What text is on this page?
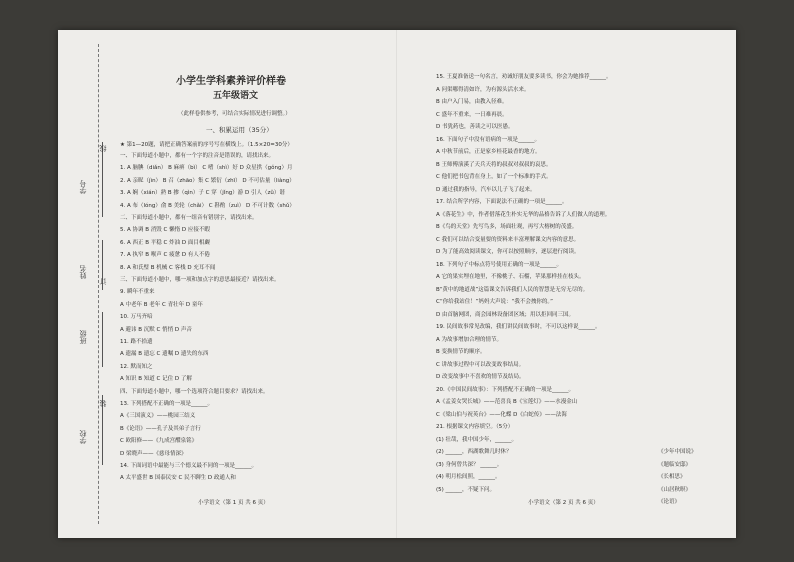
学号
姓名
班级
学校
线
订
装
小学生学科素养评价样卷
五年级语文
（此样卷供参考，可结合实际情况进行调整。）
一、积累运用（35分）
★ 第1—20题，请把正确答案前的序号写在横线上。（1.5×20=30分）
一、下面每道小题中，都有一个字的注音是错误的，请找出来。
1. A 脑腆（diǎn） B 麻痹（bì） C 嗜（shì）好 D 众星拱（gǒng）月
2. A 亲昵（jìn） B 召（zhāo）集 C 繁衍（zhī） D 不可估量（liàng）
3. A 娴（xián）熟 B 掺（qìn）子 C 穿（jǐng）游 D 引人（zǔ）谐
4. A 布（lóng）俞 B 美轮（chǎi） C 斟酌（zuì） D 不可计数（shǔ）
二、下面每道小题中，都有一组音有错别字，请找出来。
5. A 协调 B 消毁 C 懒惰 D 应接不暇
6. A 西正 B 平稳 C 炸油 D 面目相觑
7. A 执窄 B 喉声 C 疲惫 D 有人不倦
8. A 和氏璧 B 机械 C 客栈 D 充耳不闻
三、下面每道小题中，哪一项和加点字的意思最接近？请找出来。
9. 瞬年不重来
A 中老年 B 老年 C 青壮年 D 童年
10. 万马齐喑
A 避讳 B 沉默 C 悄悄 D 声音
11. 路不拾遗
A 遗漏 B 遗忘 C 遗嘱 D 遗失的东西
12. 默而知之
A 知识 B 知道 C 记住 D 了解
四、下面每道小题中，哪一个选项符合题目要求？请找出来。
13. 下列搭配不正确的一项是______。
A《三国演义》——桃园三结义
B《论语》——孔子及其弟子言行
C 欧阳修——《九成宫醴泉铭》
D 梁晓声——《慈母情深》
14. 下面词语中最能与三个德义最不同的一项是______。
A 太平盛世 B 国泰民安 C 民不聊生 D 政通人和
15. 王夏准备送一句名言，劝诫好朋友要多读书，你会为她推荐______。
A 问渠哪得清如许，为有源头活水来。
B 由户入门易，由教入径难。
C 盛年不重来，一日难再晨。
D 书犹药也，善读之可以医愚。
16. 下面句子中没有语病的一项是______。
A 中秋节前后，正是家乡桂花最香的地方。
B 王师傅演溪了天兵天将的叔叔对叔叔的哀思。
C 他们把书包背在身上，如了一个标准的手式。
D 通过我的指导，汽车以儿子飞了起来。
17. 结合所学内容，下面说法不正确的一项是______。
A《落花生》中，作者借落花生朴实无华的品格告诉了人们做人的道理。
B《鸟的天堂》先写鸟多，场面壮观，再写大榕树的茂盛。
C 我们可以结合变量要的资料来丰富理解课文内容的意思。
D 为了能高效阅读课文，你可以按照顺序，逐层进行阅读。
18. 下列句子中标点符号使用正确的一项是______。
A 它的果实埋在地里，不像桃子、石榴，苹果那样挂在枝头。
B“黄中的地道战”这篇课文告诉我们人民的智慧是无穷无尽的。
C“你给我站住！”妈妈大声说：“我不会拽你的。”
D 由首脑网团，商会园林设备团区域；用以拒回同三国。
19. 民间故事常见改编，我们讲民间故事时，不可以这样说______。
A 为故事增加合理的情节。
B 变换情节的顺序。
C 讲故事过程中可以改变故事结局。
D 改变故事中不喜欢的情节及结局。
20.《中国民间故事》：下列搭配不正确的一项是______。
A《孟姜女哭长城》——范喜良 B《宝莲灯》——水漫金山
C《梁山伯与祝英台》——化蝶 D《白蛇传》——法海
21. 根据课文内容填空。（5分）
(1) 壮哉，我中国少年，______。
(2) ______，西湖歌舞几时休？
(3) 身何曾共深？ ______。
(4) 明月松间照，______。
(5) ______，不疑下问。
《少年中国说》
《题临安邸》
《长相思》
《山居秋暝》
《论语》
小学语文（第 1 页 共 6 页）	小学语文（第 2 页 共 6 页）
